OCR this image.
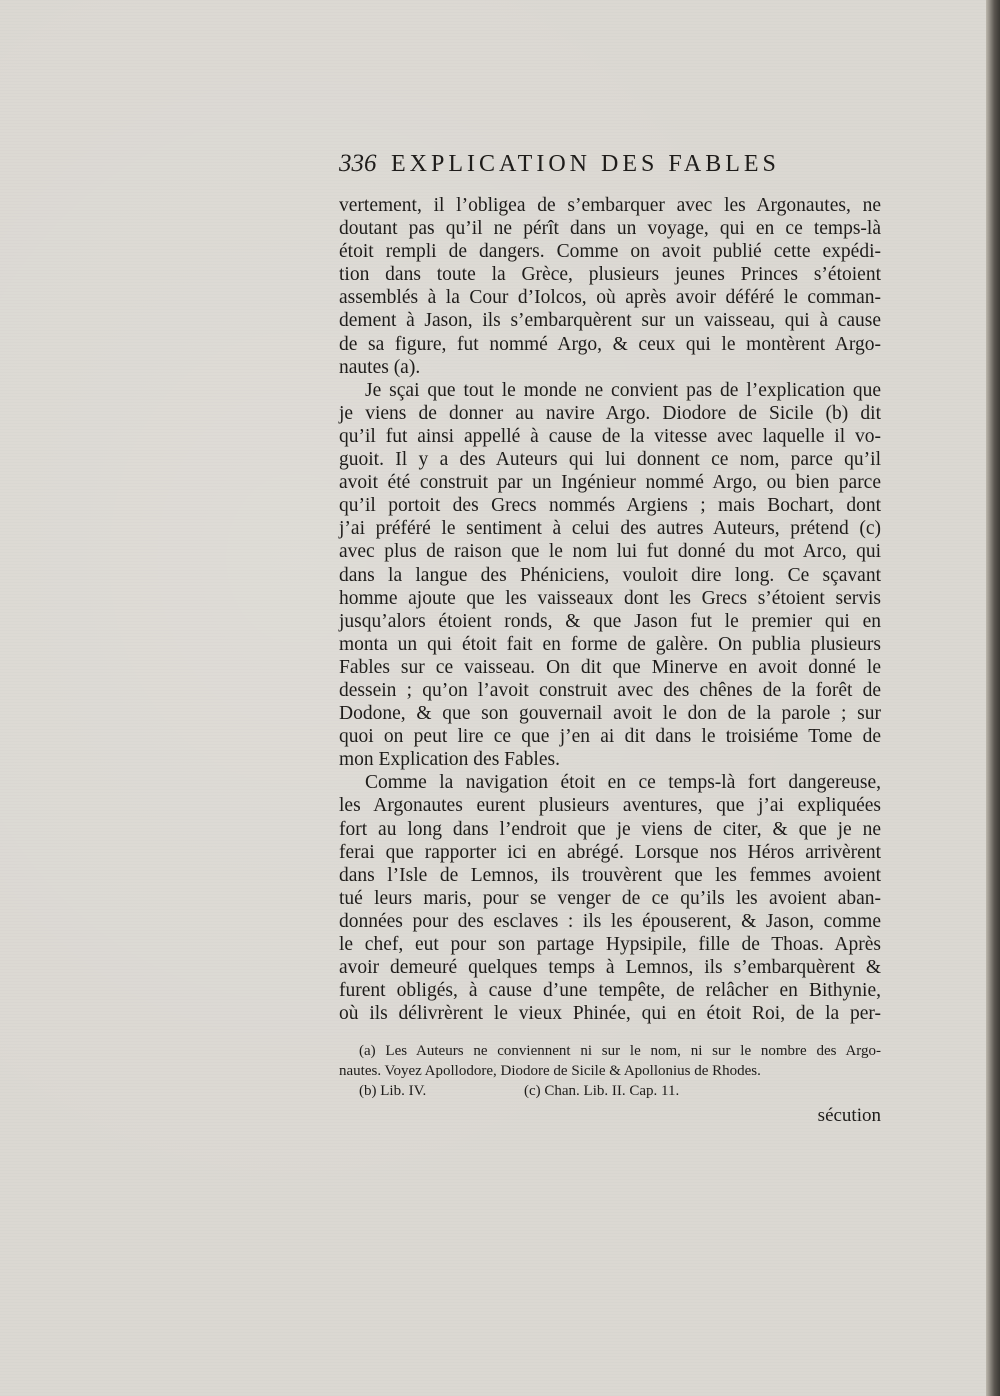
336 EXPLICATION DES FABLES
vertement, il l’obligea de s’embarquer avec les Argonautes, ne
doutant pas qu’il ne pérît dans un voyage, qui en ce temps-là
étoit rempli de dangers. Comme on avoit publié cette expédi-
tion dans toute la Grèce, plusieurs jeunes Princes s’étoient
assemblés à la Cour d’Iolcos, où après avoir déféré le comman-
dement à Jason, ils s’embarquèrent sur un vaisseau, qui à cause
de sa figure, fut nommé Argo, & ceux qui le montèrent Argo-
nautes (a).
Je sçai que tout le monde ne convient pas de l’explication que
je viens de donner au navire Argo. Diodore de Sicile (b) dit
qu’il fut ainsi appellé à cause de la vitesse avec laquelle il vo-
guoit. Il y a des Auteurs qui lui donnent ce nom, parce qu’il
avoit été construit par un Ingénieur nommé Argo, ou bien parce
qu’il portoit des Grecs nommés Argiens ; mais Bochart, dont
j’ai préféré le sentiment à celui des autres Auteurs, prétend (c)
avec plus de raison que le nom lui fut donné du mot Arco, qui
dans la langue des Phéniciens, vouloit dire long. Ce sçavant
homme ajoute que les vaisseaux dont les Grecs s’étoient servis
jusqu’alors étoient ronds, & que Jason fut le premier qui en
monta un qui étoit fait en forme de galère. On publia plusieurs
Fables sur ce vaisseau. On dit que Minerve en avoit donné le
dessein ; qu’on l’avoit construit avec des chênes de la forêt de
Dodone, & que son gouvernail avoit le don de la parole ; sur
quoi on peut lire ce que j’en ai dit dans le troisiéme Tome de
mon Explication des Fables.
Comme la navigation étoit en ce temps-là fort dangereuse,
les Argonautes eurent plusieurs aventures, que j’ai expliquées
fort au long dans l’endroit que je viens de citer, & que je ne
ferai que rapporter ici en abrégé. Lorsque nos Héros arrivèrent
dans l’Isle de Lemnos, ils trouvèrent que les femmes avoient
tué leurs maris, pour se venger de ce qu’ils les avoient aban-
données pour des esclaves : ils les épouserent, & Jason, comme
le chef, eut pour son partage Hypsipile, fille de Thoas. Après
avoir demeuré quelques temps à Lemnos, ils s’embarquèrent &
furent obligés, à cause d’une tempête, de relâcher en Bithynie,
où ils délivrèrent le vieux Phinée, qui en étoit Roi, de la per-
(a) Les Auteurs ne conviennent ni sur le nom, ni sur le nombre des Argo-
nautes. Voyez Apollodore, Diodore de Sicile & Apollonius de Rhodes.
(b) Lib. IV.	(c) Chan. Lib. II. Cap. 11.
sécution
